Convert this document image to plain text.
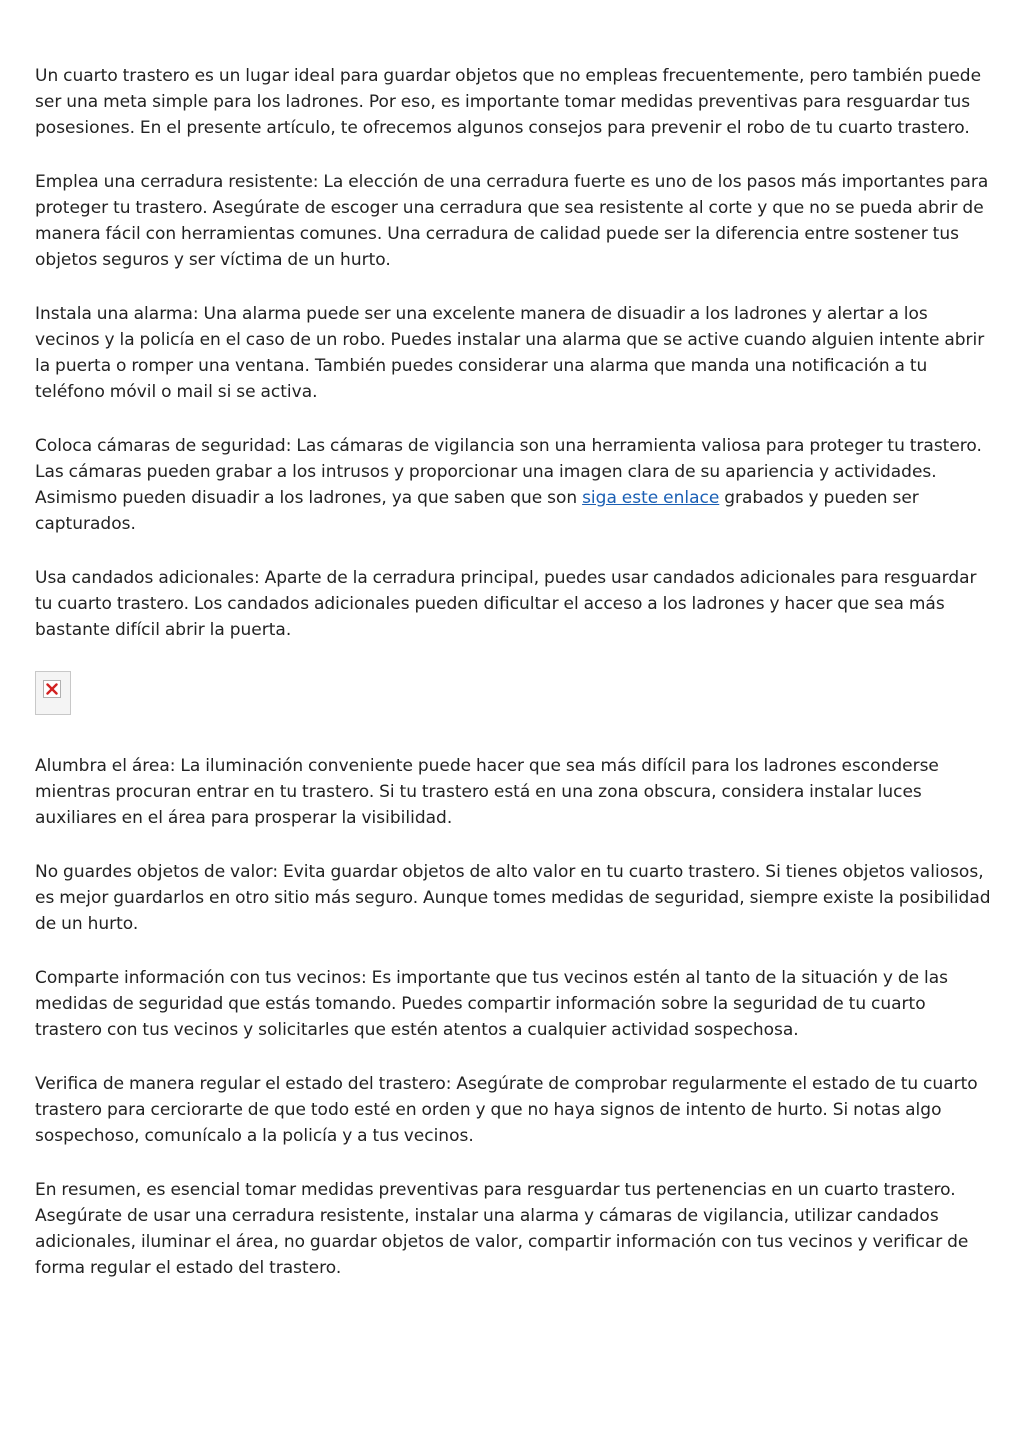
Un cuarto trastero es un lugar ideal para guardar objetos que no empleas frecuentemente, pero también puede ser una meta simple para los ladrones. Por eso, es importante tomar medidas preventivas para resguardar tus posesiones. En el presente artículo, te ofrecemos algunos consejos para prevenir el robo de tu cuarto trastero.

Emplea una cerradura resistente: La elección de una cerradura fuerte es uno de los pasos más importantes para proteger tu trastero. Asegúrate de escoger una cerradura que sea resistente al corte y que no se pueda abrir de manera fácil con herramientas comunes. Una cerradura de calidad puede ser la diferencia entre sostener tus objetos seguros y ser víctima de un hurto.

Instala una alarma: Una alarma puede ser una excelente manera de disuadir a los ladrones y alertar a los vecinos y la policía en el caso de un robo. Puedes instalar una alarma que se active cuando alguien intente abrir la puerta o romper una ventana. También puedes considerar una alarma que manda una notificación a tu teléfono móvil o mail si se activa.

Coloca cámaras de seguridad: Las cámaras de vigilancia son una herramienta valiosa para proteger tu trastero. Las cámaras pueden grabar a los intrusos y proporcionar una imagen clara de su apariencia y actividades. Asimismo pueden disuadir a los ladrones, ya que saben que son siga este enlace grabados y pueden ser capturados.

Usa candados adicionales: Aparte de la cerradura principal, puedes usar candados adicionales para resguardar tu cuarto trastero. Los candados adicionales pueden dificultar el acceso a los ladrones y hacer que sea más bastante difícil abrir la puerta.

Alumbra el área: La iluminación conveniente puede hacer que sea más difícil para los ladrones esconderse mientras procuran entrar en tu trastero. Si tu trastero está en una zona obscura, considera instalar luces auxiliares en el área para prosperar la visibilidad.

No guardes objetos de valor: Evita guardar objetos de alto valor en tu cuarto trastero. Si tienes objetos valiosos, es mejor guardarlos en otro sitio más seguro. Aunque tomes medidas de seguridad, siempre existe la posibilidad de un hurto.

Comparte información con tus vecinos: Es importante que tus vecinos estén al tanto de la situación y de las medidas de seguridad que estás tomando. Puedes compartir información sobre la seguridad de tu cuarto trastero con tus vecinos y solicitarles que estén atentos a cualquier actividad sospechosa.

Verifica de manera regular el estado del trastero: Asegúrate de comprobar regularmente el estado de tu cuarto trastero para cerciorarte de que todo esté en orden y que no haya signos de intento de hurto. Si notas algo sospechoso, comunícalo a la policía y a tus vecinos.

En resumen, es esencial tomar medidas preventivas para resguardar tus pertenencias en un cuarto trastero. Asegúrate de usar una cerradura resistente, instalar una alarma y cámaras de vigilancia, utilizar candados adicionales, iluminar el área, no guardar objetos de valor, compartir información con tus vecinos y verificar de forma regular el estado del trastero.
